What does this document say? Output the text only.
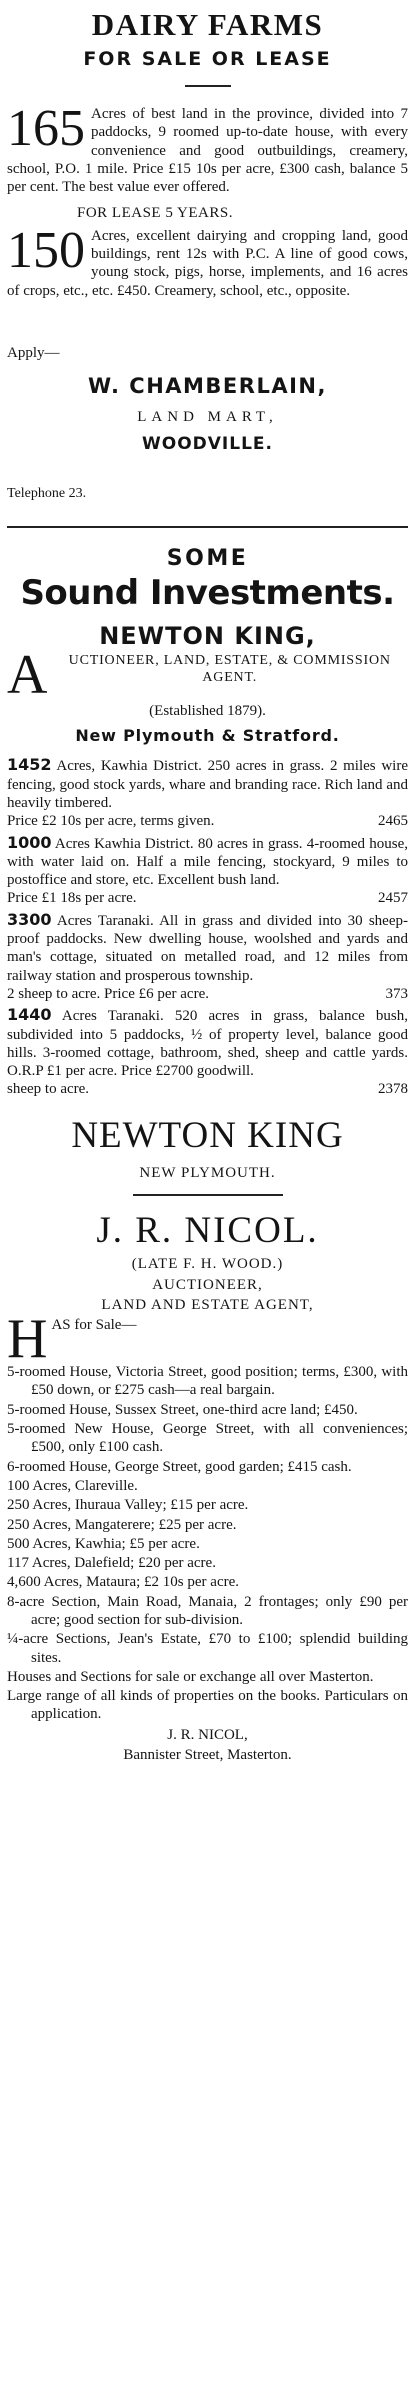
DAIRY FARMS
FOR SALE OR LEASE
165 Acres of best land in the province, divided into 7 paddocks, 9 roomed up-to-date house, with every convenience and good outbuildings, creamery, school, P.O. 1 mile. Price £15 10s per acre, £300 cash, balance 5 per cent. The best value ever offered.
FOR LEASE 5 YEARS.
150 Acres, excellent dairying and cropping land, good buildings, rent 12s with P.C. A line of good cows, young stock, pigs, horse, implements, and 16 acres of crops, etc., etc. £450. Creamery, school, etc., opposite.
Apply—
W. CHAMBERLAIN,
LAND MART,
WOODVILLE.
Telephone 23.
SOME
Sound Investments.
NEWTON KING,
A	UCTIONEER, LAND, ESTATE, & COMMISSION AGENT.
(Established 1879).
New Plymouth & Stratford.
1452 Acres, Kawhia District. 250 acres in grass. 2 miles wire fencing, good stock yards, whare and branding race. Rich land and heavily timbered.
Price £2 10s per acre, terms given.	2465
1000 Acres Kawhia District. 80 acres in grass. 4-roomed house, with water laid on. Half a mile fencing, stockyard, 9 miles to postoffice and store, etc. Excellent bush land.
Price £1 18s per acre.	2457
3300 Acres Taranaki. All in grass and divided into 30 sheep-proof paddocks. New dwelling house, woolshed and yards and man's cottage, situated on metalled road, and 12 miles from railway station and prosperous township.
2 sheep to acre. Price £6 per acre.	373
1440 Acres Taranaki. 520 acres in grass, balance bush, subdivided into 5 paddocks, ½ of property level, balance good hills. 3-roomed cottage, bathroom, shed, sheep and cattle yards. O.R.P £1 per acre. Price £2700 goodwill.
sheep to acre.	2378
NEWTON KING
NEW PLYMOUTH.
J. R. NICOL.
(LATE F. H. WOOD.)
AUCTIONEER,
LAND AND ESTATE AGENT,
H AS for Sale—
5-roomed House, Victoria Street, good position; terms, £300, with £50 down, or £275 cash—a real bargain.
5-roomed House, Sussex Street, one-third acre land; £450.
5-roomed New House, George Street, with all conveniences; £500, only £100 cash.
6-roomed House, George Street, good garden; £415 cash.
100 Acres, Clareville.
250 Acres, Ihuraua Valley; £15 per acre.
250 Acres, Mangaterere; £25 per acre.
500 Acres, Kawhia; £5 per acre.
117 Acres, Dalefield; £20 per acre.
4,600 Acres, Mataura; £2 10s per acre.
8-acre Section, Main Road, Manaia, 2 frontages; only £90 per acre; good section for sub-division.
¼-acre Sections, Jean's Estate, £70 to £100; splendid building sites.
Houses and Sections for sale or exchange all over Masterton.
Large range of all kinds of properties on the books. Particulars on application.
J. R. NICOL,
Bannister Street, Masterton.
